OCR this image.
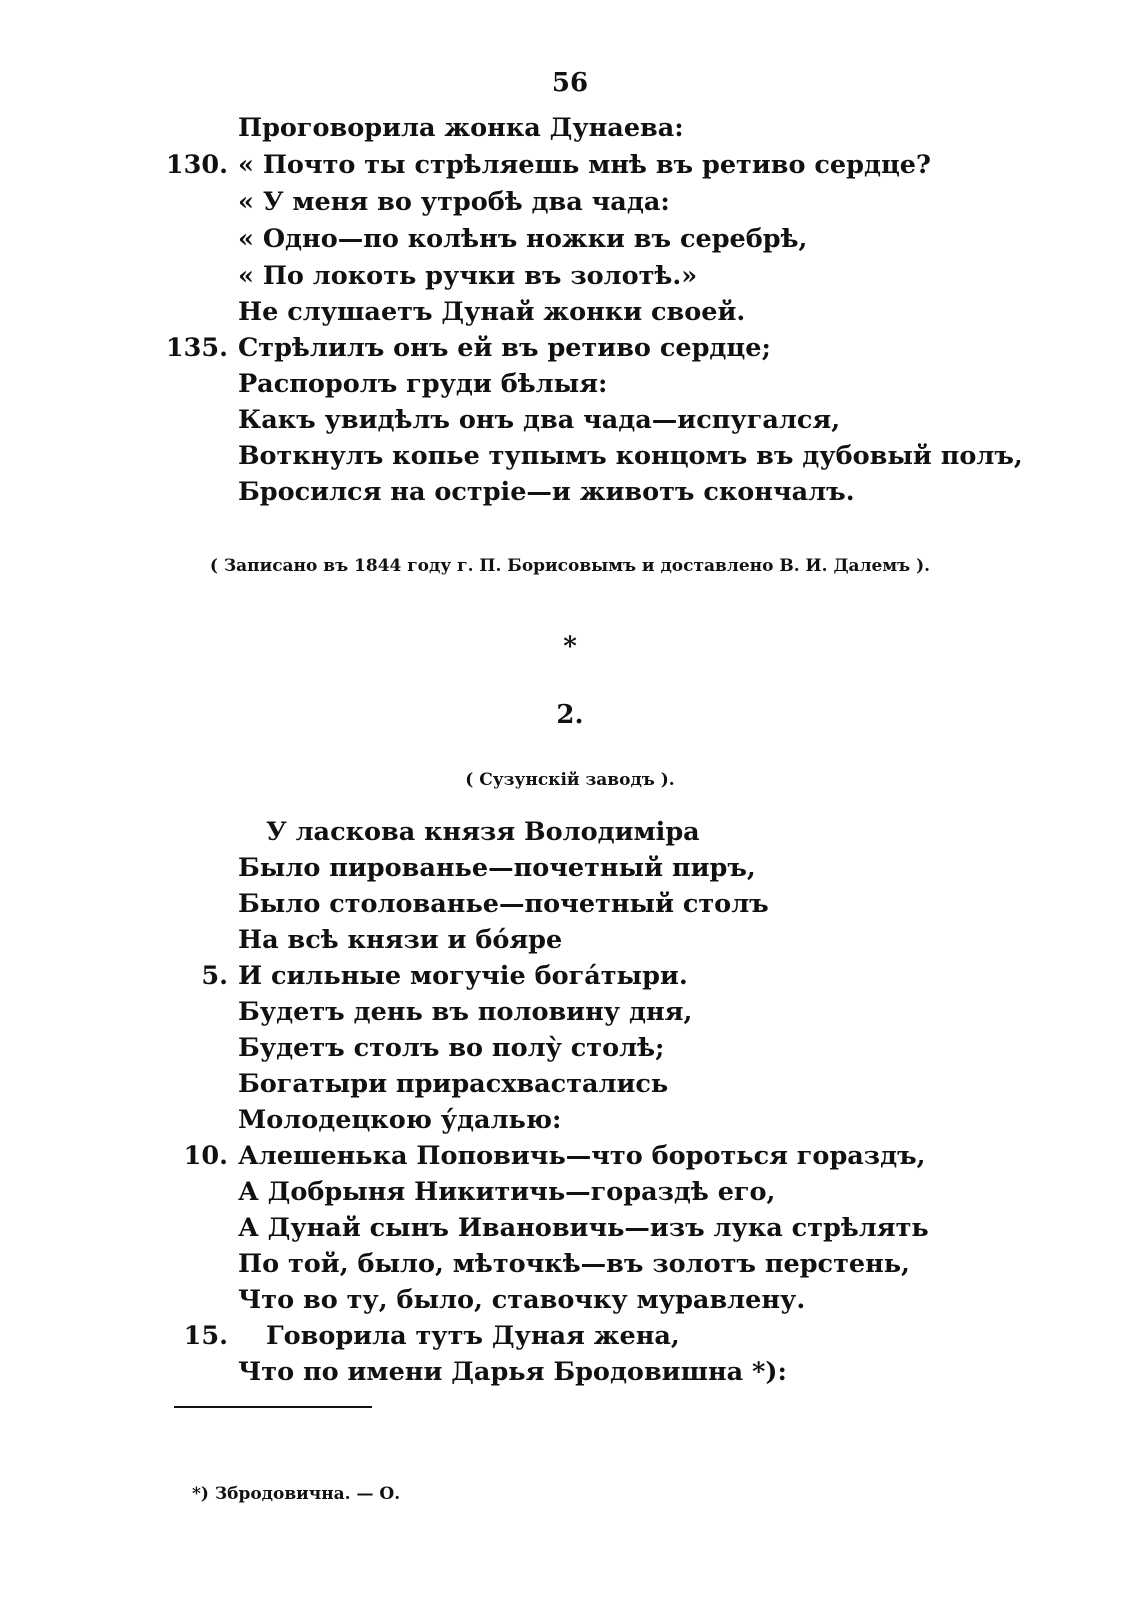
56
Проговорила жонка Дунаева:
130. « Почто ты стрѣляешь мнѣ въ ретиво сердце?
« У меня во утробѣ два чада:
« Одно—по колѣнъ ножки въ серебрѣ,
« По локоть ручки въ золотѣ.»
Не слушаетъ Дунай жонки своей.
135. Стрѣлилъ онъ ей въ ретиво сердце;
Распоролъ груди бѣлыя:
Какъ увидѣлъ онъ два чада—испугался,
Воткнулъ копье тупымъ концомъ въ дубовый полъ,
Бросился на остріе—и животъ скончалъ.
( Записано въ 1844 году г. П. Борисовымъ и доставлено В. И. Далемъ ).
*
2.
( Сузунскій заводъ ).
У ласкова князя Володиміра
Было пированье—почетный пиръ,
Было столованье—почетный столъ
На всѣ князи и бо́яре
5. И сильные могучіе бога́тыри.
Будетъ день въ половину дня,
Будетъ столъ во полу̀ столѣ;
Богатыри прирасхвастались
Молодецкою у́далью:
10. Алешенька Поповичь—что бороться гораздъ,
А Добрыня Никитичь—гораздѣ его,
А Дунай сынъ Ивановичь—изъ лука стрѣлять
По той, было, мѣточкѣ—въ золотъ перстень,
Что во ту, было, ставочку муравлену.
15. Говорила тутъ Дуная жена,
Что по имени Дарья Бродовишна *):
*) Збродовична. — О.
